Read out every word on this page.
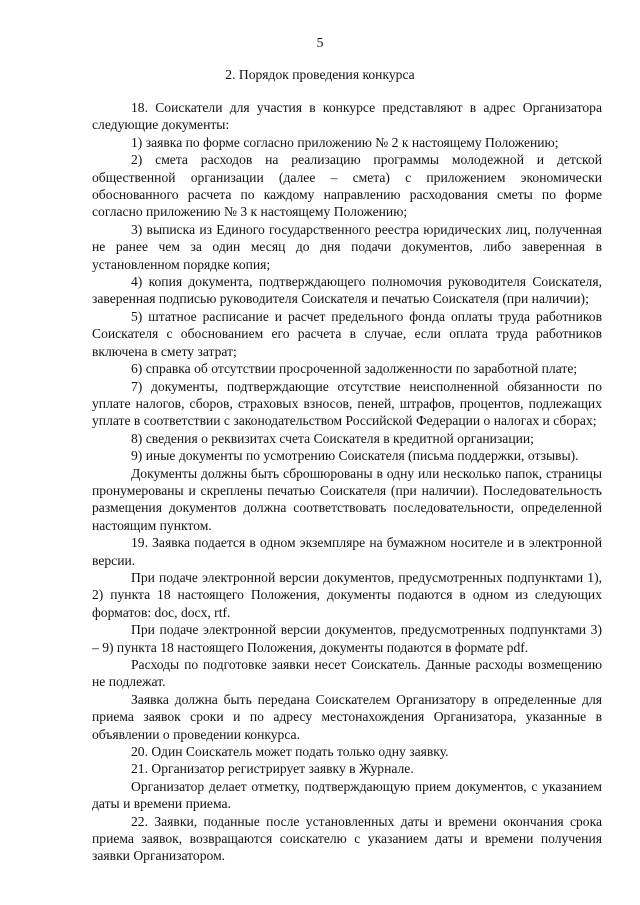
5
2. Порядок проведения конкурса

18. Соискатели для участия в конкурсе представляют в адрес Организатора следующие документы:

1) заявка по форме согласно приложению № 2 к настоящему Положению;

2) смета расходов на реализацию программы молодежной и детской общественной организации (далее – смета) с приложением экономически обоснованного расчета по каждому направлению расходования сметы по форме согласно приложению № 3 к настоящему Положению;

3) выписка из Единого государственного реестра юридических лиц, полученная не ранее чем за один месяц до дня подачи документов, либо заверенная в установленном порядке копия;

4) копия документа, подтверждающего полномочия руководителя Соискателя, заверенная подписью руководителя Соискателя и печатью Соискателя (при наличии);

5) штатное расписание и расчет предельного фонда оплаты труда работников Соискателя с обоснованием его расчета в случае, если оплата труда работников включена в смету затрат;

6) справка об отсутствии просроченной задолженности по заработной плате;

7) документы, подтверждающие отсутствие неисполненной обязанности по уплате налогов, сборов, страховых взносов, пеней, штрафов, процентов, подлежащих уплате в соответствии с законодательством Российской Федерации о налогах и сборах;

8) сведения о реквизитах счета Соискателя в кредитной организации;

9) иные документы по усмотрению Соискателя (письма поддержки, отзывы).

Документы должны быть сброшюрованы в одну или несколько папок, страницы пронумерованы и скреплены печатью Соискателя (при наличии). Последовательность размещения документов должна соответствовать последовательности, определенной настоящим пунктом.

19. Заявка подается в одном экземпляре на бумажном носителе и в электронной версии.

При подаче электронной версии документов, предусмотренных подпунктами 1), 2) пункта 18 настоящего Положения, документы подаются в одном из следующих форматов: doc, docx, rtf.

При подаче электронной версии документов, предусмотренных подпунктами 3) – 9) пункта 18 настоящего Положения, документы подаются в формате pdf.

Расходы по подготовке заявки несет Соискатель. Данные расходы возмещению не подлежат.

Заявка должна быть передана Соискателем Организатору в определенные для приема заявок сроки и по адресу местонахождения Организатора, указанные в объявлении о проведении конкурса.

20. Один Соискатель может подать только одну заявку.

21. Организатор регистрирует заявку в Журнале.

Организатор делает отметку, подтверждающую прием документов, с указанием даты и времени приема.

22. Заявки, поданные после установленных даты и времени окончания срока приема заявок, возвращаются соискателю с указанием даты и времени получения заявки Организатором.
